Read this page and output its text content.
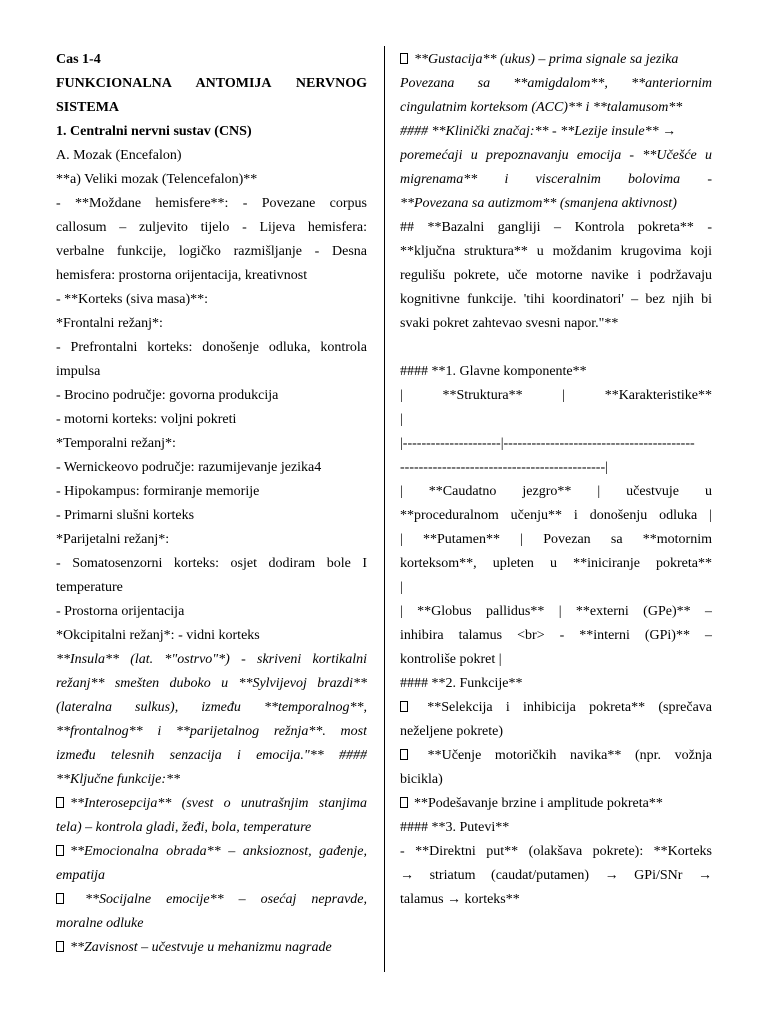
Cas 1-4
FUNKCIONALNA ANTOMIJA NERVNOG
SISTEMA
1. Centralni nervni sustav (CNS)
A. Mozak (Encefalon)
**a) Veliki mozak (Telencefalon)**
- **Moždane hemisfere**: - Povezane corpus
callosum – zuljevito tijelo - Lijeva hemisfera:
verbalne funkcije, logičko razmišljanje - Desna
hemisfera: prostorna orijentacija, kreativnost
- **Korteks (siva masa)**:
*Frontalni režanj*:
- Prefrontalni korteks: donošenje odluka, kontrola
impulsa
- Brocino područje: govorna produkcija
- motorni korteks: voljni pokreti
*Temporalni režanj*:
- Wernickeovo područje: razumijevanje jezika4
- Hipokampus: formiranje memorije
- Primarni slušni korteks
*Parijetalni režanj*:
- Somatosenzorni korteks: osjet dodiram bole I
temperature
- Prostorna orijentacija
*Okcipitalni režanj*: - vidni korteks
**Insula** (lat. *"ostrvo"*) - skriveni kortikalni
režanj** smešten duboko u **Sylvijevoj brazdi**
(lateralna sulkus), između **temporalnog**,
**frontalnog** i **parijetalnog režnja**. most
između telesnih senzacija i emocija."** ####
**Ključne funkcije:**
**Interosepcija** (svest o unutrašnjim stanjima
tela) – kontrola gladi, žeđi, bola, temperature
**Emocionalna obrada** – anksioznost, gađenje,
empatija
**Socijalne emocije** – osećaj nepravde,
moralne odluke
**Zavisnost – učestvuje u mehanizmu nagrade
**Gustacija** (ukus) – prima signale sa jezika
Povezana sa **amigdalom**, **anteriornim
cingulatnim korteksom (ACC)** i **talamusom**
#### **Klinički značaj:** - **Lezije insule** →
poremećaji u prepoznavanju emocija - **Učešće u
migrenama** i visceralnim bolovima -
**Povezana sa autizmom** (smanjena aktivnost)
## **Bazalni gangliji – Kontrola pokreta** -
**ključna struktura** u moždanim krugovima koji
regulišu pokrete, uče motorne navike i podržavaju
kognitivne funkcije. 'tihi koordinatori' – bez njih bi
svaki pokret zahtevao svesni napor."**

#### **1. Glavne komponente**
| **Struktura** | **Karakteristike**
|
|---------------------|-----------------------------------------
--------------------------------------------|
| **Caudatno jezgro** | učestvuje u
**proceduralnom učenju** i donošenju odluka |
| **Putamen** | Povezan sa **motornim
korteksom**, upleten u **iniciranje pokreta**
|
| **Globus pallidus** | **externi (GPe)** –
inhibira talamus <br> - **interni (GPi)** –
kontroliše pokret |
#### **2. Funkcije**
**Selekcija i inhibicija pokreta** (sprečava
neželjene pokrete)
**Učenje motoričkih navika** (npr. vožnja
bicikla)
**Podešavanje brzine i amplitude pokreta**
#### **3. Putevi**
- **Direktni put** (olakšava pokrete): **Korteks
→ striatum (caudat/putamen) → GPi/SNr →
talamus → korteks**
